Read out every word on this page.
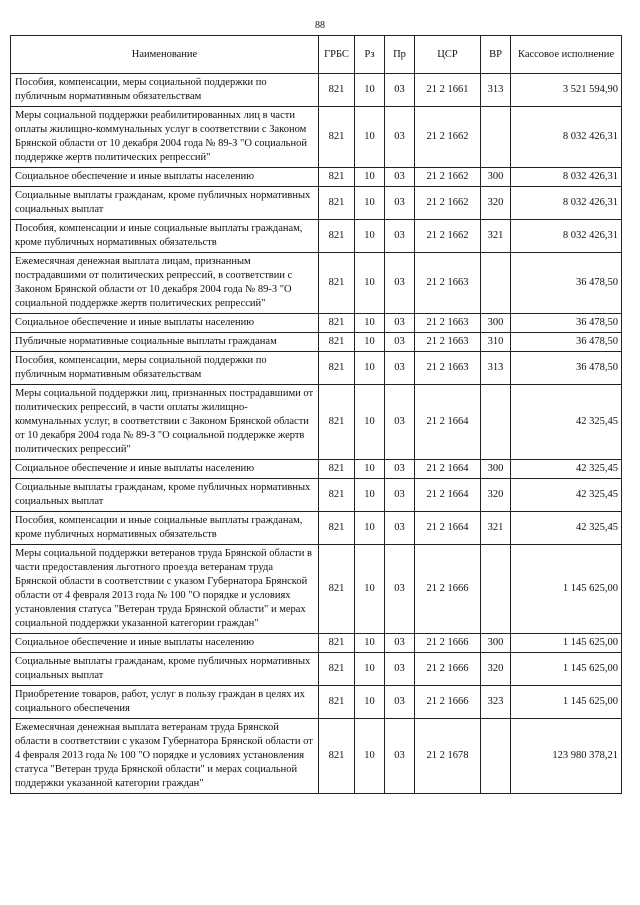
88
Наименование	ГРБС	Рз	Пр	ЦСР	ВР	Кассовое исполнение
Пособия, компенсации, меры социальной поддержки по публичным нормативным обязательствам	821	10	03	21 2 1661	313	3 521 594,90
Меры социальной поддержки реабилитированных лиц в части оплаты жилищно-коммунальных услуг в соответствии с Законом Брянской области от 10 декабря 2004 года № 89-З "О социальной поддержке жертв политических репрессий"	821	10	03	21 2 1662		8 032 426,31
Социальное обеспечение и иные выплаты населению	821	10	03	21 2 1662	300	8 032 426,31
Социальные выплаты гражданам, кроме публичных нормативных социальных выплат	821	10	03	21 2 1662	320	8 032 426,31
Пособия, компенсации и иные социальные выплаты гражданам, кроме публичных нормативных обязательств	821	10	03	21 2 1662	321	8 032 426,31
Ежемесячная денежная выплата лицам, признанным пострадавшими от политических репрессий, в соответствии с Законом Брянской области от 10 декабря 2004 года № 89-З "О социальной поддержке жертв политических репрессий"	821	10	03	21 2 1663		36 478,50
Социальное обеспечение и иные выплаты населению	821	10	03	21 2 1663	300	36 478,50
Публичные нормативные социальные выплаты гражданам	821	10	03	21 2 1663	310	36 478,50
Пособия, компенсации, меры социальной поддержки по публичным нормативным обязательствам	821	10	03	21 2 1663	313	36 478,50
Меры социальной поддержки лиц, признанных пострадавшими от политических репрессий, в части оплаты жилищно-коммунальных услуг, в соответствии с Законом Брянской области от 10 декабря 2004 года № 89-З "О социальной поддержке жертв политических репрессий"	821	10	03	21 2 1664		42 325,45
Социальное обеспечение и иные выплаты населению	821	10	03	21 2 1664	300	42 325,45
Социальные выплаты гражданам, кроме публичных нормативных социальных выплат	821	10	03	21 2 1664	320	42 325,45
Пособия, компенсации и иные социальные выплаты гражданам, кроме публичных нормативных обязательств	821	10	03	21 2 1664	321	42 325,45
Меры социальной поддержки ветеранов труда Брянской области в части предоставления льготного проезда ветеранам труда Брянской области в соответствии с указом Губернатора Брянской области от 4 февраля 2013 года № 100 "О порядке и условиях установления статуса "Ветеран труда Брянской области" и мерах социальной поддержки указанной категории граждан"	821	10	03	21 2 1666		1 145 625,00
Социальное обеспечение и иные выплаты населению	821	10	03	21 2 1666	300	1 145 625,00
Социальные выплаты гражданам, кроме публичных нормативных социальных выплат	821	10	03	21 2 1666	320	1 145 625,00
Приобретение товаров, работ, услуг в пользу граждан в целях их социального обеспечения	821	10	03	21 2 1666	323	1 145 625,00
Ежемесячная денежная выплата ветеранам труда Брянской области в соответствии с указом Губернатора Брянской области от 4 февраля 2013 года № 100 "О порядке и условиях установления статуса "Ветеран труда Брянской области" и мерах социальной поддержки указанной категории граждан"	821	10	03	21 2 1678		123 980 378,21
